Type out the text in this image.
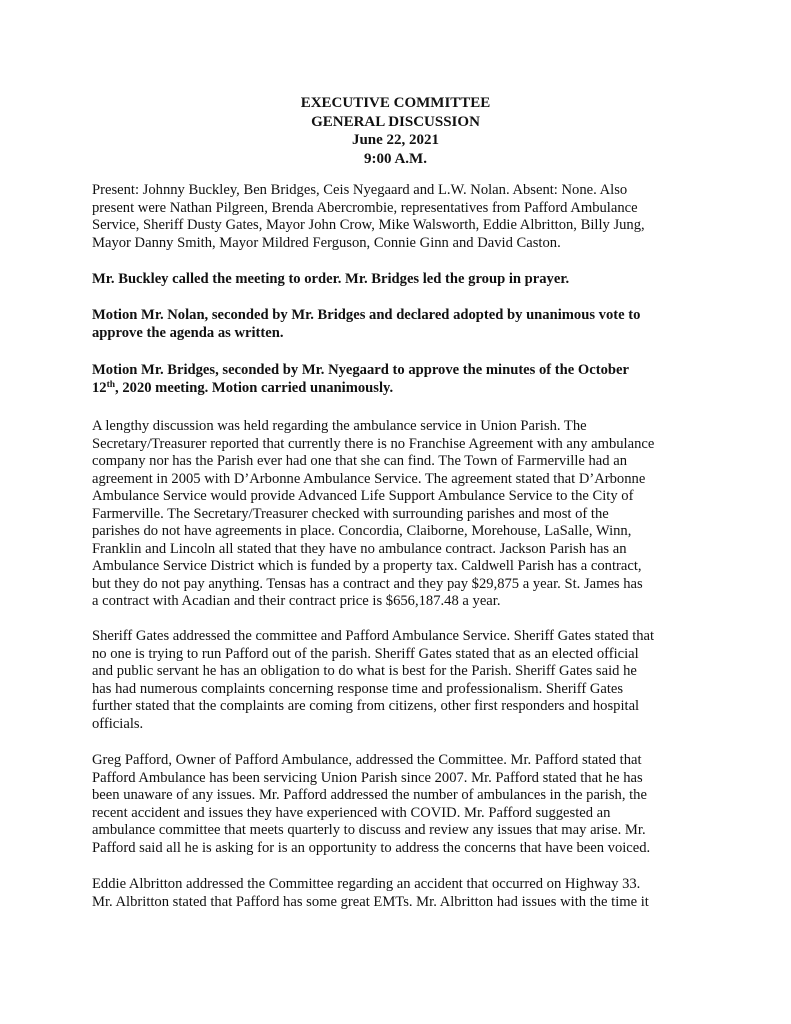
EXECUTIVE COMMITTEE
GENERAL DISCUSSION
June 22, 2021
9:00 A.M.
Present: Johnny Buckley, Ben Bridges, Ceis Nyegaard and L.W. Nolan. Absent: None. Also
present were Nathan Pilgreen, Brenda Abercrombie, representatives from Pafford Ambulance
Service, Sheriff Dusty Gates, Mayor John Crow, Mike Walsworth, Eddie Albritton, Billy Jung,
Mayor Danny Smith, Mayor Mildred Ferguson, Connie Ginn and David Caston.
Mr. Buckley called the meeting to order. Mr. Bridges led the group in prayer.
Motion Mr. Nolan, seconded by Mr. Bridges and declared adopted by unanimous vote to
approve the agenda as written.
Motion Mr. Bridges, seconded by Mr. Nyegaard to approve the minutes of the October
12th, 2020 meeting. Motion carried unanimously.
A lengthy discussion was held regarding the ambulance service in Union Parish. The
Secretary/Treasurer reported that currently there is no Franchise Agreement with any ambulance
company nor has the Parish ever had one that she can find. The Town of Farmerville had an
agreement in 2005 with D’Arbonne Ambulance Service. The agreement stated that D’Arbonne
Ambulance Service would provide Advanced Life Support Ambulance Service to the City of
Farmerville. The Secretary/Treasurer checked with surrounding parishes and most of the
parishes do not have agreements in place. Concordia, Claiborne, Morehouse, LaSalle, Winn,
Franklin and Lincoln all stated that they have no ambulance contract. Jackson Parish has an
Ambulance Service District which is funded by a property tax. Caldwell Parish has a contract,
but they do not pay anything. Tensas has a contract and they pay $29,875 a year. St. James has
a contract with Acadian and their contract price is $656,187.48 a year.
Sheriff Gates addressed the committee and Pafford Ambulance Service. Sheriff Gates stated that
no one is trying to run Pafford out of the parish. Sheriff Gates stated that as an elected official
and public servant he has an obligation to do what is best for the Parish. Sheriff Gates said he
has had numerous complaints concerning response time and professionalism. Sheriff Gates
further stated that the complaints are coming from citizens, other first responders and hospital
officials.
Greg Pafford, Owner of Pafford Ambulance, addressed the Committee. Mr. Pafford stated that
Pafford Ambulance has been servicing Union Parish since 2007. Mr. Pafford stated that he has
been unaware of any issues. Mr. Pafford addressed the number of ambulances in the parish, the
recent accident and issues they have experienced with COVID. Mr. Pafford suggested an
ambulance committee that meets quarterly to discuss and review any issues that may arise. Mr.
Pafford said all he is asking for is an opportunity to address the concerns that have been voiced.
Eddie Albritton addressed the Committee regarding an accident that occurred on Highway 33.
Mr. Albritton stated that Pafford has some great EMTs. Mr. Albritton had issues with the time it
